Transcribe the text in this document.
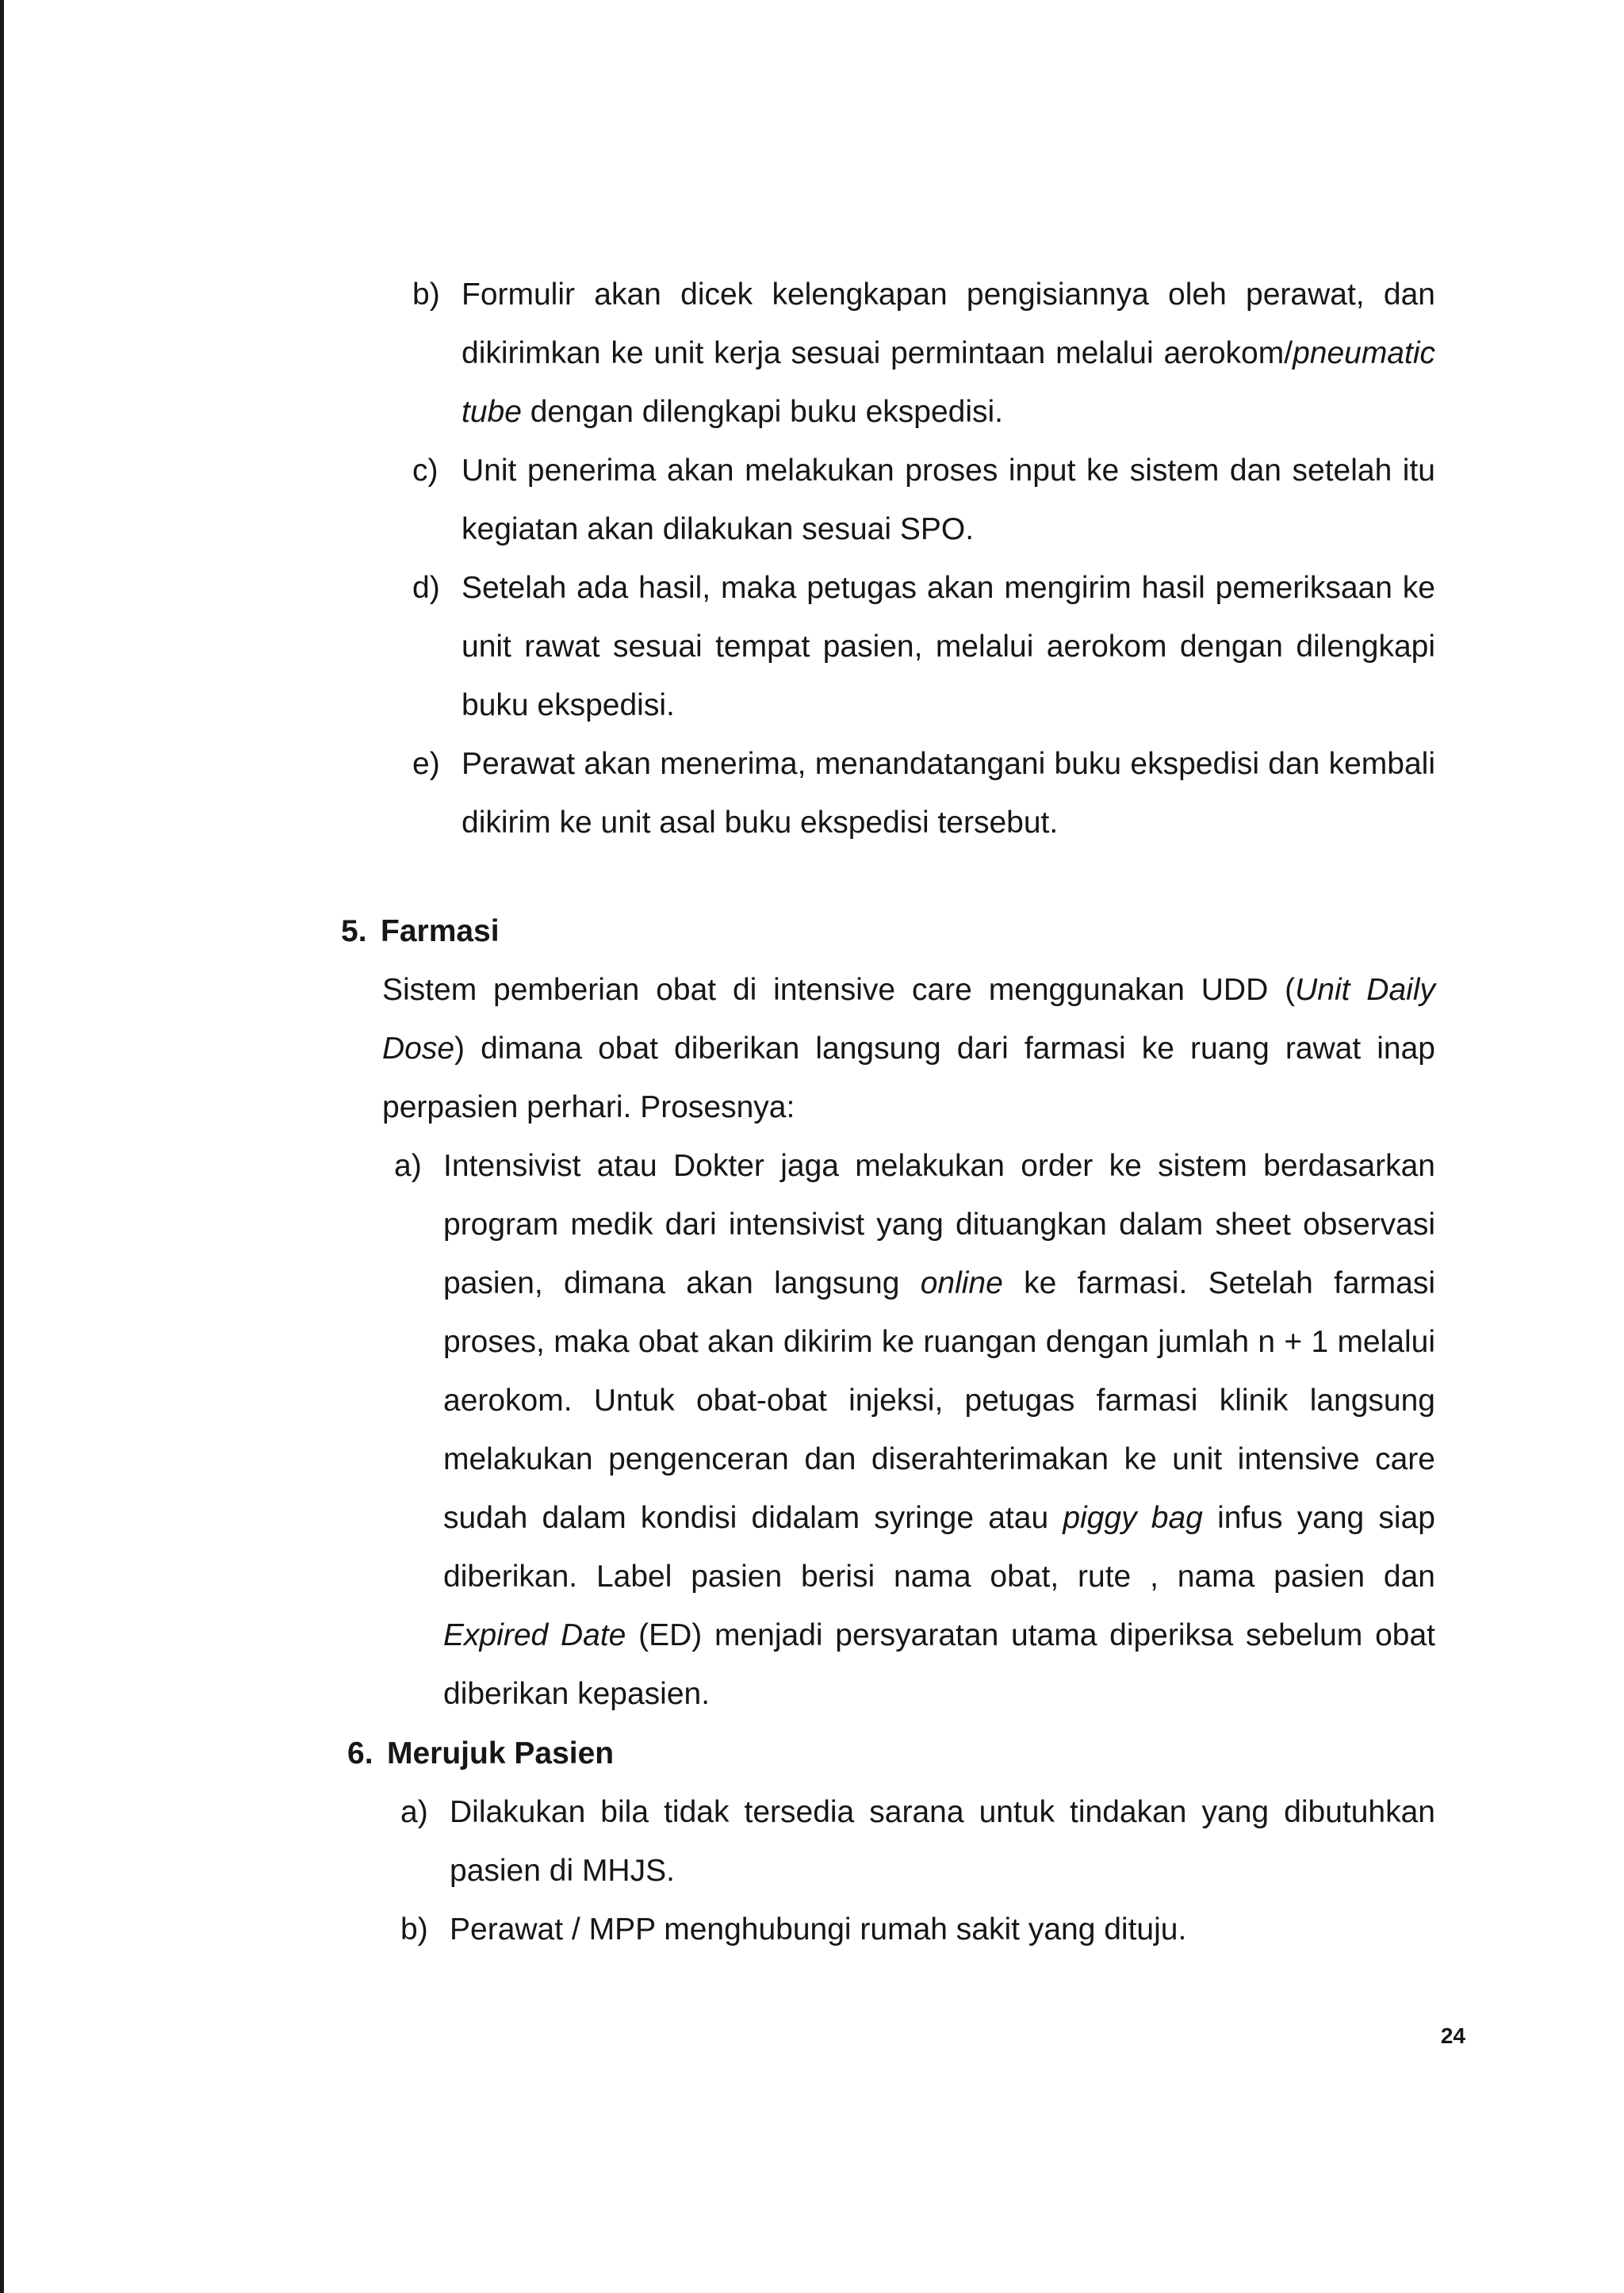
b) Formulir akan dicek kelengkapan pengisiannya oleh perawat, dan dikirimkan ke unit kerja sesuai permintaan melalui aerokom/pneumatic tube dengan dilengkapi buku ekspedisi.
c) Unit penerima akan melakukan proses input ke sistem dan setelah itu kegiatan akan dilakukan sesuai SPO.
d) Setelah ada hasil, maka petugas akan mengirim hasil pemeriksaan ke unit rawat sesuai tempat pasien, melalui aerokom dengan dilengkapi buku ekspedisi.
e) Perawat akan menerima, menandatangani buku ekspedisi dan kembali dikirim ke unit asal buku ekspedisi tersebut.
5. Farmasi
Sistem pemberian obat di intensive care menggunakan UDD (Unit Daily Dose) dimana obat diberikan langsung dari farmasi ke ruang rawat inap perpasien perhari. Prosesnya:
a) Intensivist atau Dokter jaga melakukan order ke sistem berdasarkan program medik dari intensivist yang dituangkan dalam sheet observasi pasien, dimana akan langsung online ke farmasi. Setelah farmasi proses, maka obat akan dikirim ke ruangan dengan jumlah n + 1 melalui aerokom. Untuk obat-obat injeksi, petugas farmasi klinik langsung melakukan pengenceran dan diserahterimakan ke unit intensive care sudah dalam kondisi didalam syringe atau piggy bag infus yang siap diberikan. Label pasien berisi nama obat, rute , nama pasien dan Expired Date (ED) menjadi persyaratan utama diperiksa sebelum obat diberikan kepasien.
6. Merujuk Pasien
a) Dilakukan bila tidak tersedia sarana untuk tindakan yang dibutuhkan pasien di MHJS.
b) Perawat / MPP menghubungi rumah sakit yang dituju.
24
